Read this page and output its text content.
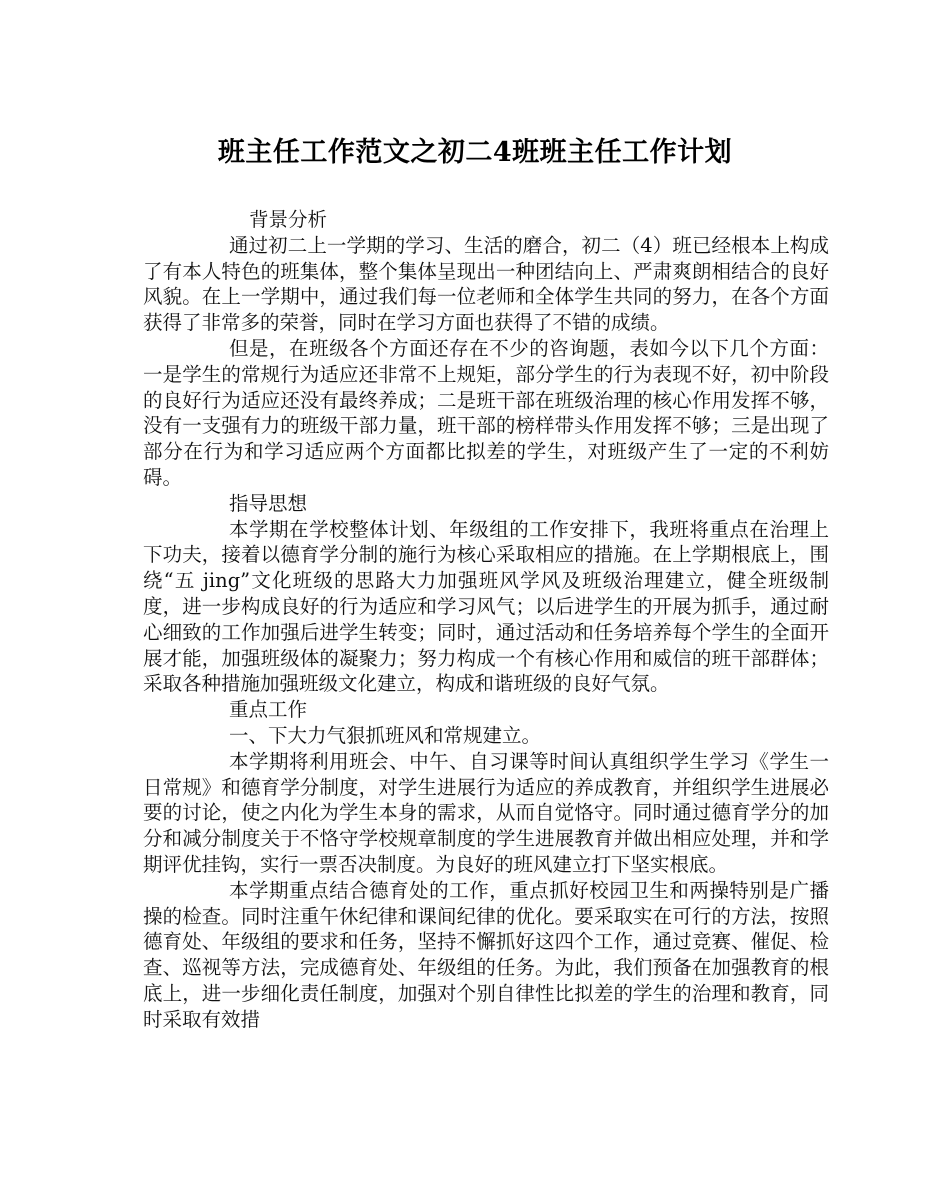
班主任工作范文之初二4班班主任工作计划

背景分析

通过初二上一学期的学习、生活的磨合，初二（4）班已经根本上构成了有本人特色的班集体，整个集体呈现出一种团结向上、严肃爽朗相结合的良好风貌。在上一学期中，通过我们每一位老师和全体学生共同的努力，在各个方面获得了非常多的荣誉，同时在学习方面也获得了不错的成绩。

但是，在班级各个方面还存在不少的咨询题，表如今以下几个方面：一是学生的常规行为适应还非常不上规矩，部分学生的行为表现不好，初中阶段的良好行为适应还没有最终养成；二是班干部在班级治理的核心作用发挥不够，没有一支强有力的班级干部力量，班干部的榜样带头作用发挥不够；三是出现了部分在行为和学习适应两个方面都比拟差的学生，对班级产生了一定的不利妨碍。

指导思想

本学期在学校整体计划、年级组的工作安排下，我班将重点在治理上下功夫，接着以德育学分制的施行为核心采取相应的措施。在上学期根底上，围绕“五 jing”文化班级的思路大力加强班风学风及班级治理建立，健全班级制度，进一步构成良好的行为适应和学习风气；以后进学生的开展为抓手，通过耐心细致的工作加强后进学生转变；同时，通过活动和任务培养每个学生的全面开展才能，加强班级体的凝聚力；努力构成一个有核心作用和威信的班干部群体；采取各种措施加强班级文化建立，构成和谐班级的良好气氛。

重点工作

一、下大力气狠抓班风和常规建立。

本学期将利用班会、中午、自习课等时间认真组织学生学习《学生一日常规》和德育学分制度，对学生进展行为适应的养成教育，并组织学生进展必要的讨论，使之内化为学生本身的需求，从而自觉恪守。同时通过德育学分的加分和减分制度关于不恪守学校规章制度的学生进展教育并做出相应处理，并和学期评优挂钩，实行一票否决制度。为良好的班风建立打下坚实根底。

本学期重点结合德育处的工作，重点抓好校园卫生和两操特别是广播操的检查。同时注重午休纪律和课间纪律的优化。要采取实在可行的方法，按照德育处、年级组的要求和任务，坚持不懈抓好这四个工作，通过竞赛、催促、检查、巡视等方法，完成德育处、年级组的任务。为此，我们预备在加强教育的根底上，进一步细化责任制度，加强对个别自律性比拟差的学生的治理和教育，同时采取有效措
